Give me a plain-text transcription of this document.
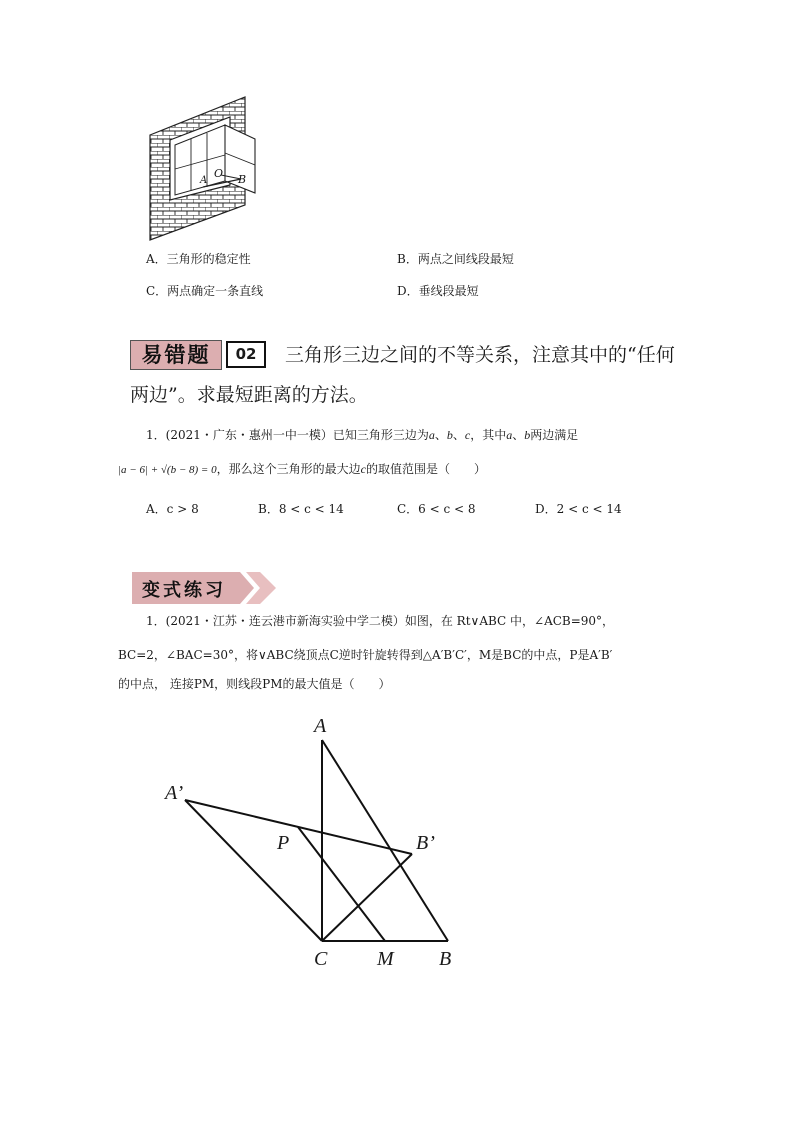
A
O B
A．三角形的稳定性	B．两点之间线段最短
C．两点确定一条直线	D．垂线段最短
易错题	02	三角形三边之间的不等关系，注意其中的“任何
两边”。求最短距离的方法。
1．(2021・广东・惠州一中一模）已知三角形三边为a、b、c，其中a、b两边满足
|a − 6| + √(b − 8) = 0，那么这个三角形的最大边c的取值范围是（　　）
A．c > 8	B．8 < c < 14	C．6 < c < 8	D．2 < c < 14
变式练习
1．(2021・江苏・连云港市新海实验中学二模）如图，在 Rt∨ABC 中，∠ACB=90°，
BC=2，∠BAC=30°，将∨ABC绕顶点C逆时针旋转得到△A′B′C′，M是BC的中点，P是A′B′
的中点， 连接PM，则线段PM的最大值是（　　）
A
A’
P	B’
C M B
